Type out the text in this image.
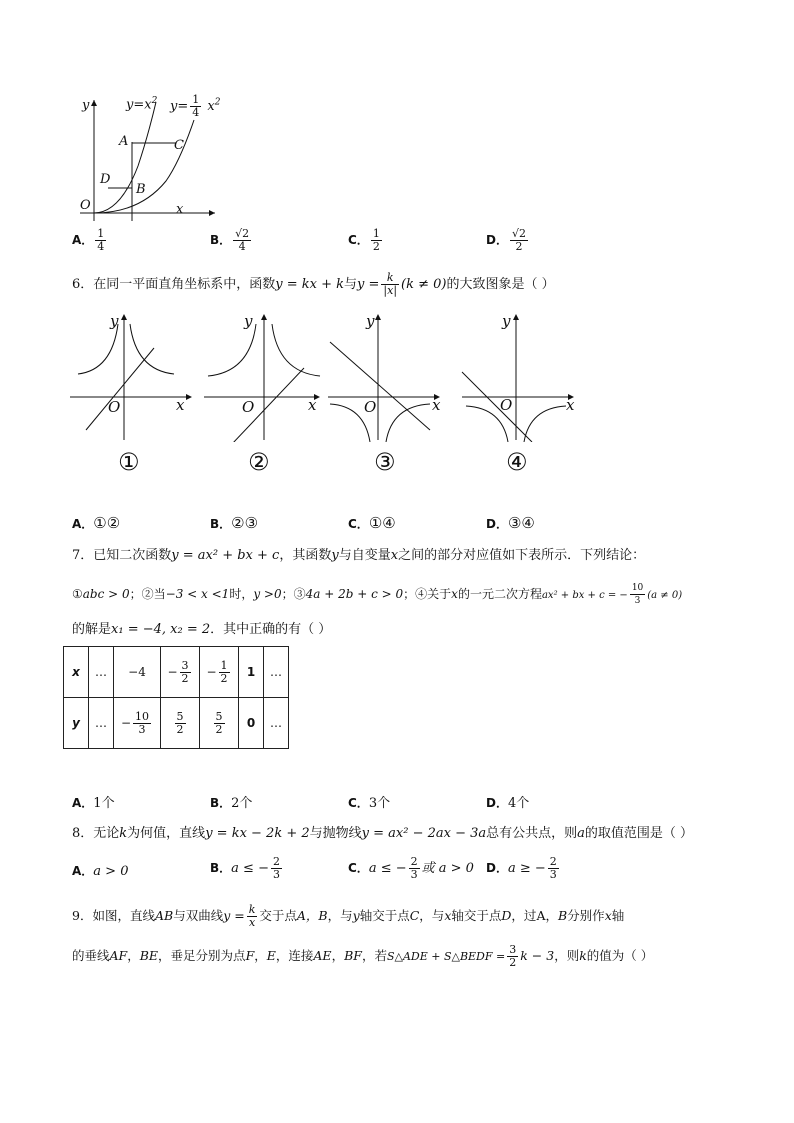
y
x
O
$y=x^2$ $y= \frac{1}{4} x^2$
A	C
D
B
A． $\frac{1}{4}$	B． $\frac{√2}{4}$	C． $\frac{1}{2}$	D． $\frac{√2}{2}$
6．在同一平面直角坐标系中，函数y = kx + k与$y = \frac{k}{|x|} (k \ne 0)$的大致图象是（ ）
y
x
O
①
y
x
O
②
y
x
O
③
y
x
O
④
A．①②	B．②③	C．①④	D．③④
7．已知二次函数y = ax² + bx + c，其函数y与自变量x之间的部分对应值如下表所示．下列结论：
①abc > 0；②当−3 < x <1时，y >0；③4a + 2b + c > 0；④关于x的一元二次方程ax² + bx + c = − $\frac{10}{3} (a \ne 0)$
的解是x₁ = −4, x₂ = 2．其中正确的有（ ）
x	…	−4	− $\frac{3}{2}$	− $\frac{1}{2}$	1	…
y	…	− $\frac{10}{3}$	$\frac{5}{2}$	$\frac{5}{2}$	0	…
A．1个	B．2个	C．3个	D．4个
8．无论k为何值，直线y = kx − 2k + 2与抛物线y = ax² − 2ax − 3a总有公共点，则a的取值范围是（ ）
A．a > 0	B．a ≤ − $\frac{2}{3}$	C．a ≤ − $\frac{2}{3}$ 或 a > 0 D．a ≥ − $\frac{2}{3}$
9．如图，直线AB与双曲线$y = \frac{k}{x}$ 交于点A，B，与y轴交于点C，与x轴交于点D，过A，B分别作x轴
的垂线AF，BE，垂足分别为点F，E，连接AE，BF，若S△ADE + S△BEDF = $\frac{3}{2}$ k − 3，则k的值为（ ）
